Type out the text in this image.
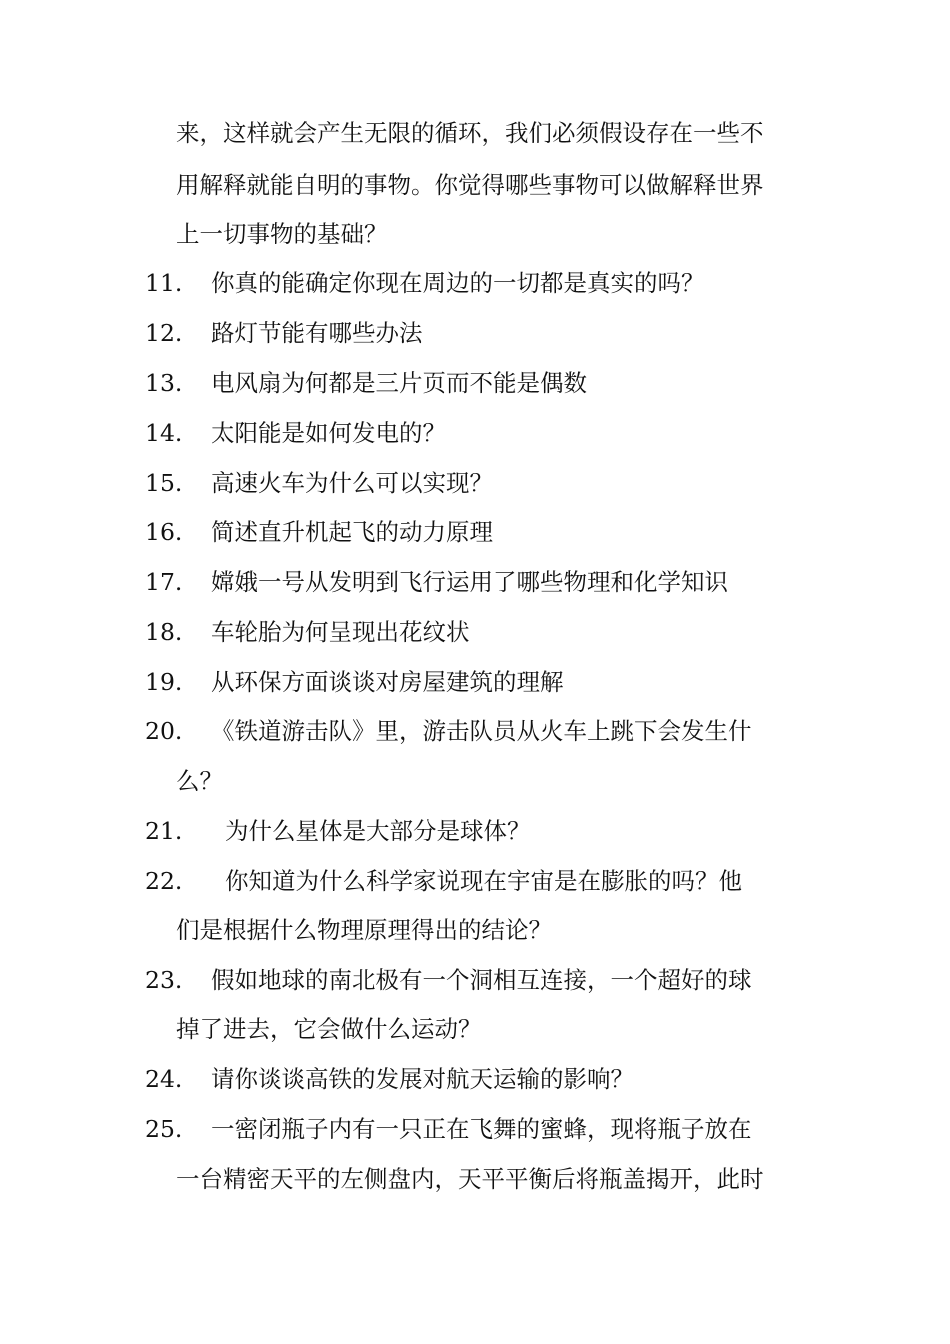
来，这样就会产生无限的循环，我们必须假设存在一些不
用解释就能自明的事物。你觉得哪些事物可以做解释世界
上一切事物的基础？
11. 你真的能确定你现在周边的一切都是真实的吗？
12. 路灯节能有哪些办法
13. 电风扇为何都是三片页而不能是偶数
14. 太阳能是如何发电的？
15. 高速火车为什么可以实现？
16. 简述直升机起飞的动力原理
17. 嫦娥一号从发明到飞行运用了哪些物理和化学知识
18. 车轮胎为何呈现出花纹状
19. 从环保方面谈谈对房屋建筑的理解
20. 《铁道游击队》里，游击队员从火车上跳下会发生什
么？
21. 为什么星体是大部分是球体？
22. 你知道为什么科学家说现在宇宙是在膨胀的吗？他
们是根据什么物理原理得出的结论？
23. 假如地球的南北极有一个洞相互连接，一个超好的球
掉了进去，它会做什么运动？
24. 请你谈谈高铁的发展对航天运输的影响？
25. 一密闭瓶子内有一只正在飞舞的蜜蜂，现将瓶子放在
一台精密天平的左侧盘内，天平平衡后将瓶盖揭开，此时
